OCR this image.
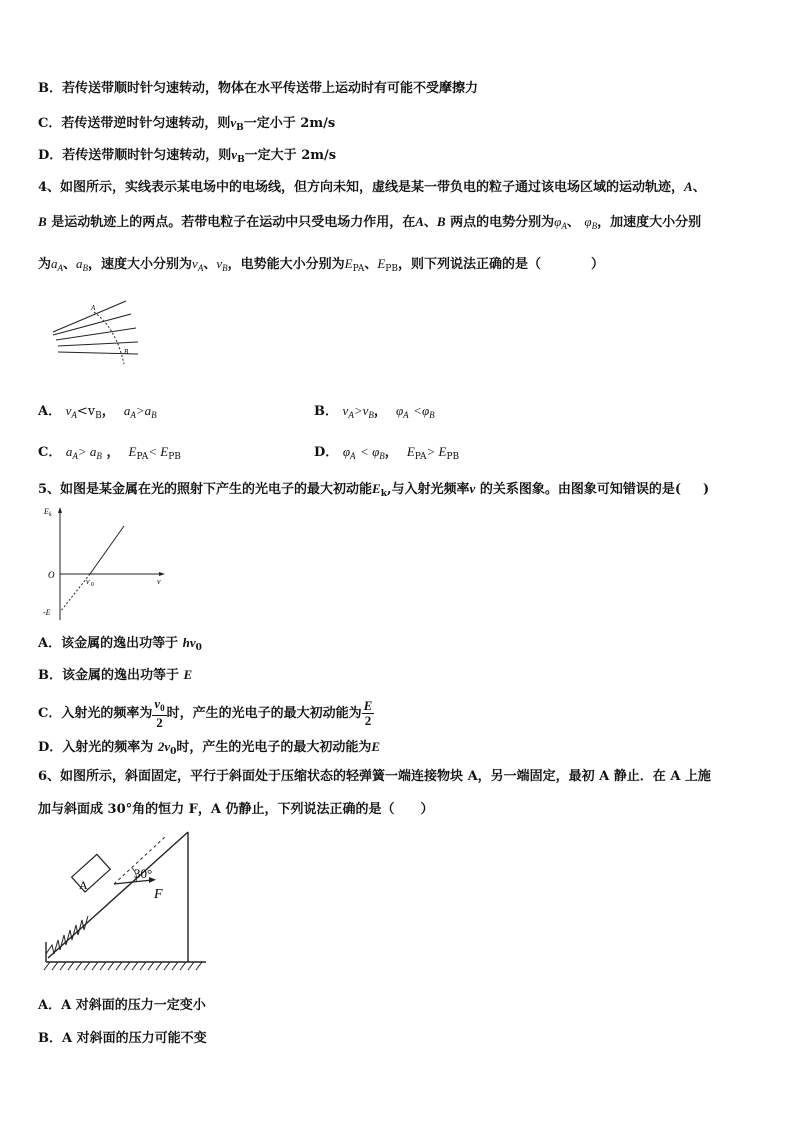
B．若传送带顺时针匀速转动，物体在水平传送带上运动时有可能不受摩擦力
C．若传送带逆时针匀速转动，则$v_B$一定小于 2m/s
D．若传送带顺时针匀速转动，则$v_B$一定大于 2m/s
4、如图所示，实线表示某电场中的电场线，但方向未知，虚线是某一带负电的粒子通过该电场区域的运动轨迹，A、
B 是运动轨迹上的两点。若带电粒子在运动中只受电场力作用，在A、B 两点的电势分别为$\varphi_A$、 $\varphi_B$，加速度大小分别
为$a_A$、$a_B$，速度大小分别为$v_A$、$v_B$，电势能大小分别为$E_{PA}$、$E_{PB}$，则下列说法正确的是（	）
A
B
A． $v_A<v_B$， $a_A>a_B$	B． $v_A>v_B$， $\varphi_A <\varphi_B$
C． $a_A> a_B$ ， $E_{PA}< E_{PB}$	D． $\varphi_A < \varphi_B$， $E_{PA}> E_{PB}$
5、如图是某金属在光的照射下产生的光电子的最大初动能$E_k$,与入射光频率ν 的关系图象。由图象可知错误的是( )
E k
O
ν 0	ν
-E
A．该金属的逸出功等于 $h\nu_0$
B．该金属的逸出功等于 E
C．入射光的频率为 $\frac{\nu_0}{2}$ 时，产生的光电子的最大初动能为 $\frac{E}{2}$
D．入射光的频率为 $2\nu_0$时，产生的光电子的最大初动能为E
6、如图所示，斜面固定，平行于斜面处于压缩状态的轻弹簧一端连接物块 A，另一端固定，最初 A 静止．在 A 上施
加与斜面成 30°角的恒力 F，A 仍静止，下列说法正确的是（　　）
A
30°
F
A．A 对斜面的压力一定变小
B．A 对斜面的压力可能不变
